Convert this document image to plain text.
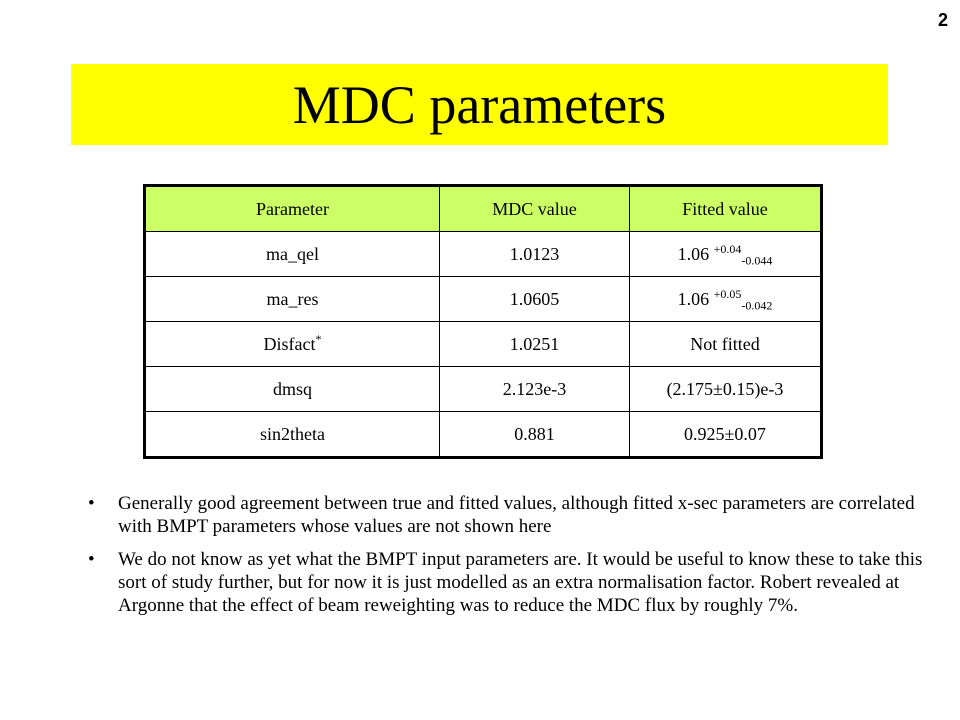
2
MDC parameters
Parameter	MDC value	Fitted value
ma_qel	1.0123	1.06 $^{+0.04}_{-0.044}$
ma_res	1.0605	1.06 $^{+0.05}_{-0.042}$
Disfact*	1.0251	Not fitted
dmsq	2.123e-3	(2.175±0.15)e-3
sin2theta	0.881	0.925±0.07
• Generally good agreement between true and fitted values, although fitted x-sec parameters are correlated with BMPT parameters whose values are not shown here
• We do not know as yet what the BMPT input parameters are. It would be useful to know these to take this sort of study further, but for now it is just modelled as an extra normalisation factor. Robert revealed at Argonne that the effect of beam reweighting was to reduce the MDC flux by roughly 7%.
